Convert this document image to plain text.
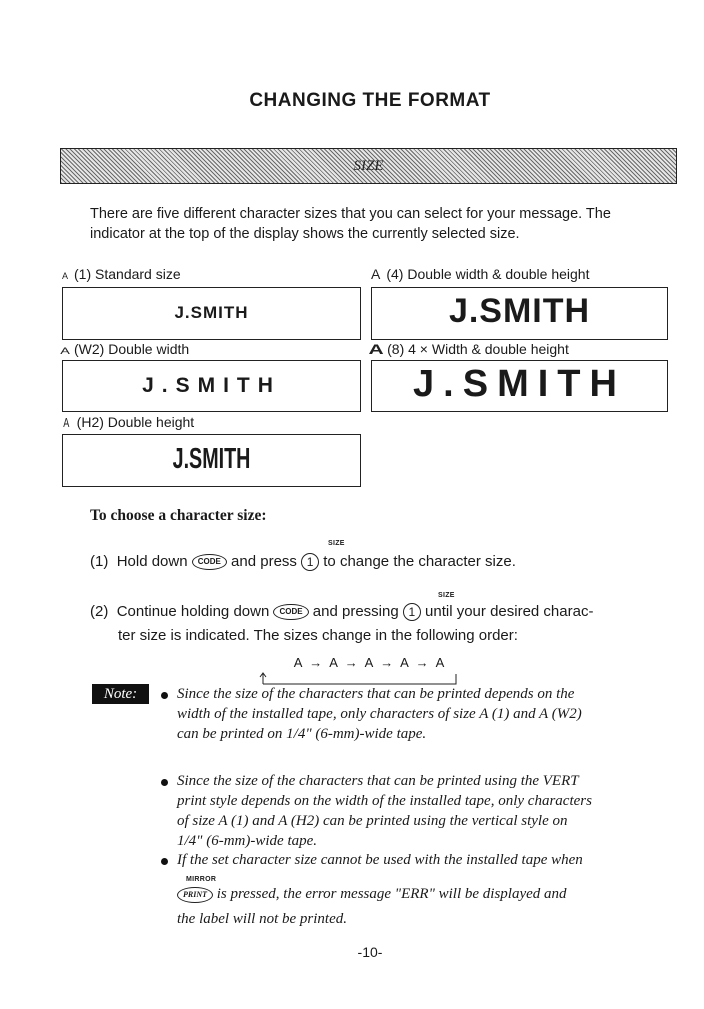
CHANGING THE FORMAT
SIZE
There are five different character sizes that you can select for your message. The indicator at the top of the display shows the currently selected size.
A (1) Standard size
J.SMITH
A (4) Double width & double height
J.SMITH
A (W2) Double width
J.SMITH
A (8) 4 × Width & double height
J.SMITH
A (H2) Double height
J.SMITH
To choose a character size:
SIZE
(1) Hold down CODE and press 1 to change the character size.
SIZE
(2) Continue holding down CODE and pressing 1 until your desired charac-
ter size is indicated. The sizes change in the following order:
A → A → A → A → A
Note:	Since the size of the characters that can be printed depends on the
width of the installed tape, only characters of size A (1) and A (W2)
can be printed on 1/4" (6-mm)-wide tape.
Since the size of the characters that can be printed using the VERT
print style depends on the width of the installed tape, only characters
of size A (1) and A (H2) can be printed using the vertical style on
1/4" (6-mm)-wide tape.
If the set character size cannot be used with the installed tape when
MIRROR
PRINT is pressed, the error message "ERR" will be displayed and
the label will not be printed.
-10-
